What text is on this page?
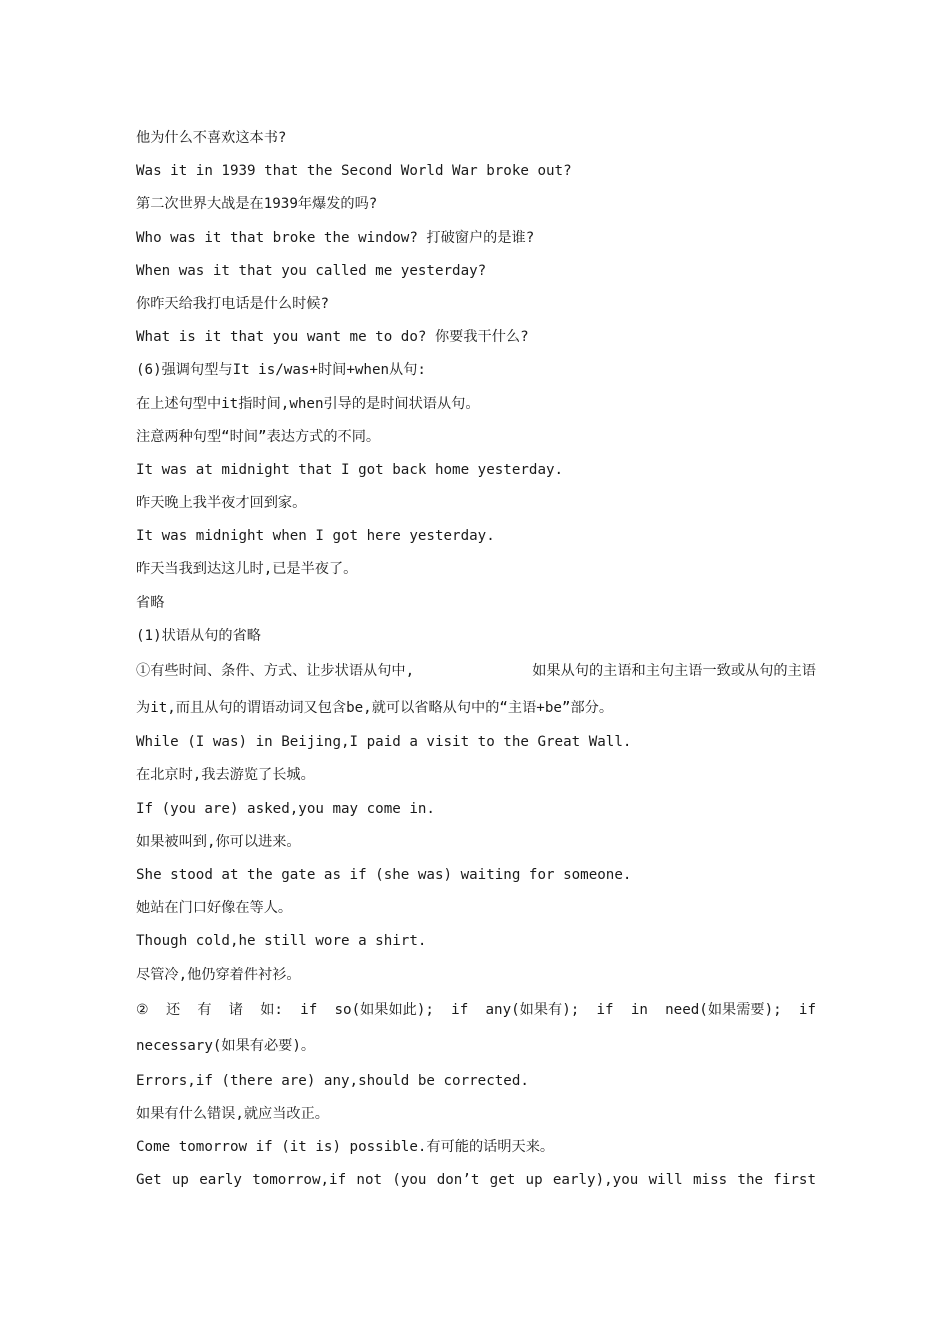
他为什么不喜欢这本书?
Was it in 1939 that the Second World War broke out?
第二次世界大战是在1939年爆发的吗?
Who was it that broke the window? 打破窗户的是谁?
When was it that you called me yesterday?
你昨天给我打电话是什么时候?
What is it that you want me to do? 你要我干什么?
(6)强调句型与It is/was+时间+when从句:
在上述句型中it指时间,when引导的是时间状语从句。
注意两种句型“时间”表达方式的不同。
It was at midnight that I got back home yesterday.
昨天晚上我半夜才回到家。
It was midnight when I got here yesterday.
昨天当我到达这儿时,已是半夜了。
省略
(1)状语从句的省略
①有些时间、条件、方式、让步状语从句中,	如果从句的主语和主句主语一致或从句的主语
为it,而且从句的谓语动词又包含be,就可以省略从句中的“主语+be”部分。
While (I was) in Beijing,I paid a visit to the Great Wall.
在北京时,我去游览了长城。
If (you are) asked,you may come in.
如果被叫到,你可以进来。
She stood at the gate as if (she was) waiting for someone.
她站在门口好像在等人。
Though cold,he still wore a shirt.
尽管冷,他仍穿着件衬衫。
② 还 有 诸 如: if so(如果如此); if any(如果有); if in need(如果需要); if
necessary(如果有必要)。
Errors,if (there are) any,should be corrected.
如果有什么错误,就应当改正。
Come tomorrow if (it is) possible.有可能的话明天来。
Get up early tomorrow,if not (you don’t get up early),you will miss the first
